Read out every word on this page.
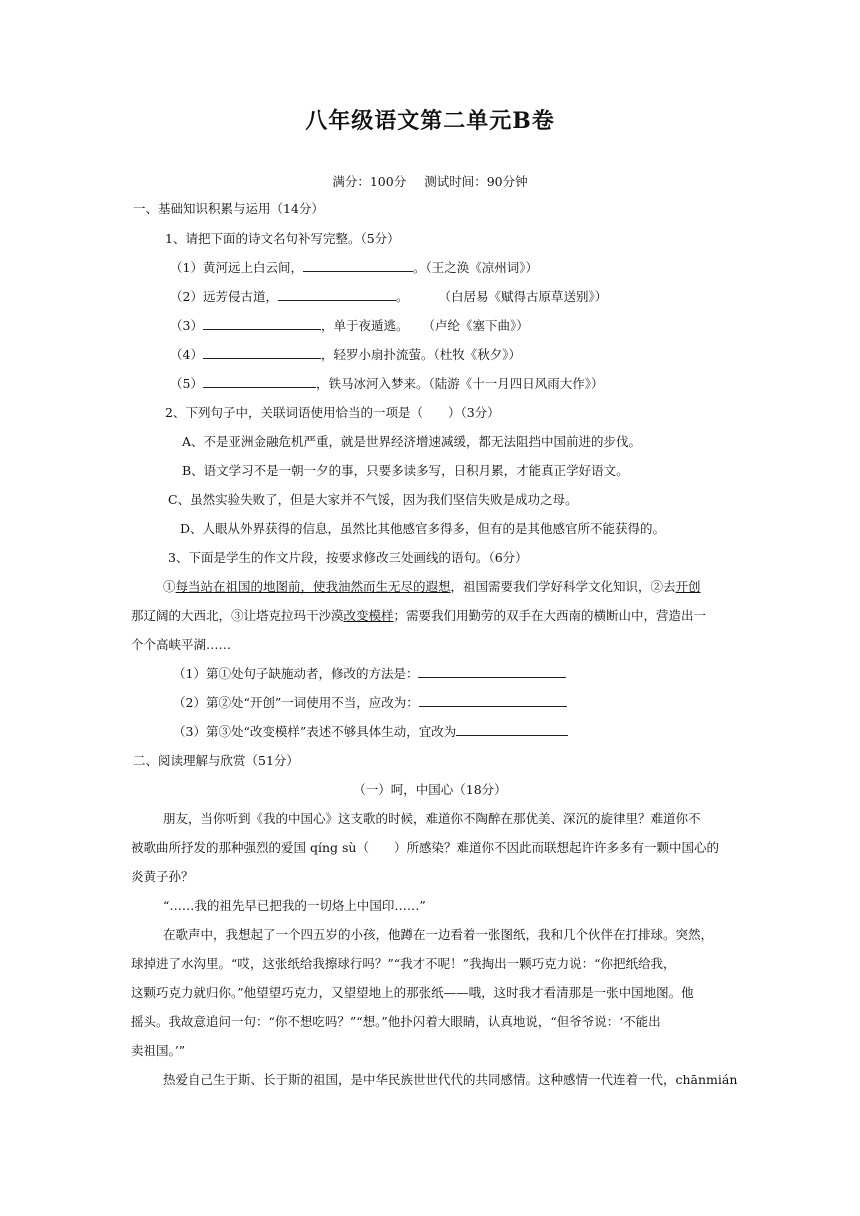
八年级语文第二单元B卷
满分：100分 测试时间：90分钟
一、基础知识积累与运用（14分）
1、请把下面的诗文名句补写完整。（5分）
（1）黄河远上白云间，	。（王之涣《凉州词》）
（2）远芳侵古道，	。 （白居易《赋得古原草送别》）
（3）	，单于夜遁逃。 （卢纶《塞下曲》）
（4）	，轻罗小扇扑流萤。（杜牧《秋夕》）
（5）	，铁马冰河入梦来。（陆游《十一月四日风雨大作》）
2、下列句子中，关联词语使用恰当的一项是（　　）（3分）
A、不是亚洲金融危机严重，就是世界经济增速减缓，都无法阻挡中国前进的步伐。
B、语文学习不是一朝一夕的事，只要多读多写，日积月累，才能真正学好语文。
C、虽然实验失败了，但是大家并不气馁，因为我们坚信失败是成功之母。
D、人眼从外界获得的信息，虽然比其他感官多得多，但有的是其他感官所不能获得的。
3、下面是学生的作文片段，按要求修改三处画线的语句。（6分）
①每当站在祖国的地图前，使我油然而生无尽的遐想，祖国需要我们学好科学文化知识，②去开创
那辽阔的大西北，③让塔克拉玛干沙漠改变模样；需要我们用勤劳的双手在大西南的横断山中，营造出一
个个高峡平湖……
（1）第①处句子缺施动者，修改的方法是：
（2）第②处“开创”一词使用不当，应改为：
（3）第③处“改变模样”表述不够具体生动，宜改为
二、阅读理解与欣赏（51分）
（一）呵，中国心（18分）
朋友，当你听到《我的中国心》这支歌的时候，难道你不陶醉在那优美、深沉的旋律里？难道你不
被歌曲所抒发的那种强烈的爱国 qíng sù（　　）所感染？难道你不因此而联想起许许多多有一颗中国心的
炎黄子孙？
“……我的祖先早已把我的一切烙上中国印……”
在歌声中，我想起了一个四五岁的小孩，他蹲在一边看着一张图纸，我和几个伙伴在打排球。突然，
球掉进了水沟里。“哎，这张纸给我擦球行吗？”“我才不呢！”我掏出一颗巧克力说：“你把纸给我，
这颗巧克力就归你。”他望望巧克力，又望望地上的那张纸——哦，这时我才看清那是一张中国地图。他
摇头。我故意追问一句：“你不想吃吗？”“想。”他扑闪着大眼睛，认真地说，“但爷爷说：‘不能出
卖祖国。’”
热爱自己生于斯、长于斯的祖国，是中华民族世世代代的共同感情。这种感情一代连着一代，chānmián
